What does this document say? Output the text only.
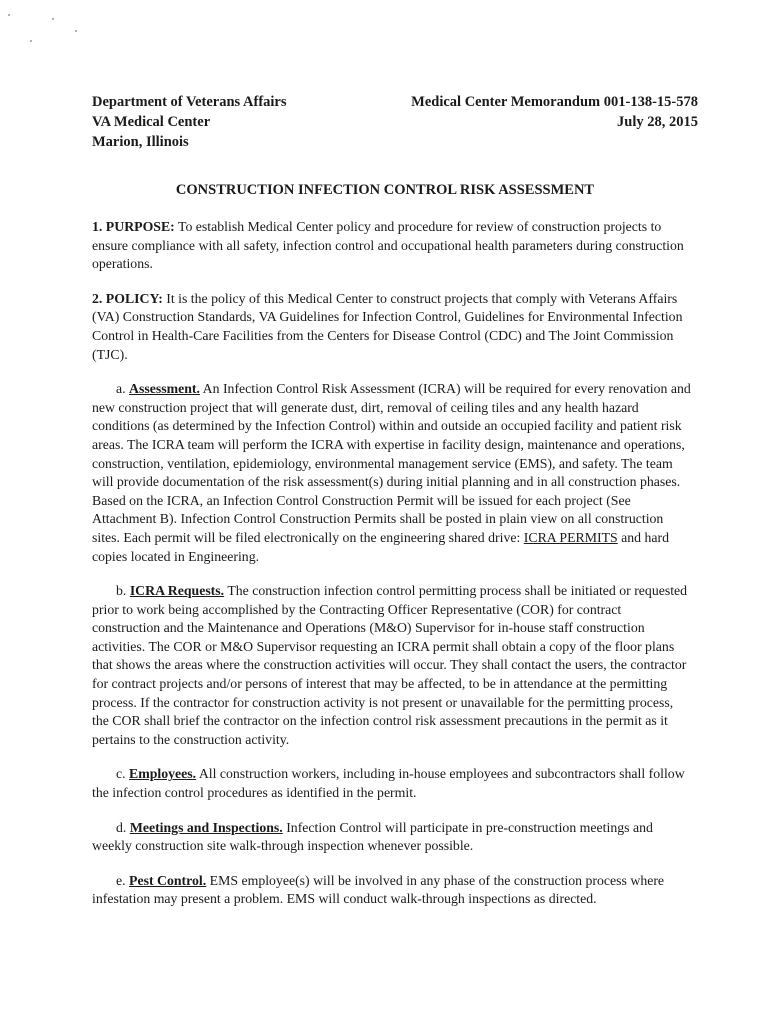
Department of Veterans Affairs
VA Medical Center
Marion, Illinois
Medical Center Memorandum 001-138-15-578
July 28, 2015
CONSTRUCTION INFECTION CONTROL RISK ASSESSMENT

1. PURPOSE: To establish Medical Center policy and procedure for review of construction projects to ensure compliance with all safety, infection control and occupational health parameters during construction operations.

2. POLICY: It is the policy of this Medical Center to construct projects that comply with Veterans Affairs (VA) Construction Standards, VA Guidelines for Infection Control, Guidelines for Environmental Infection Control in Health-Care Facilities from the Centers for Disease Control (CDC) and The Joint Commission (TJC).

a. Assessment. An Infection Control Risk Assessment (ICRA) will be required for every renovation and new construction project that will generate dust, dirt, removal of ceiling tiles and any health hazard conditions (as determined by the Infection Control) within and outside an occupied facility and patient risk areas. The ICRA team will perform the ICRA with expertise in facility design, maintenance and operations, construction, ventilation, epidemiology, environmental management service (EMS), and safety. The team will provide documentation of the risk assessment(s) during initial planning and in all construction phases. Based on the ICRA, an Infection Control Construction Permit will be issued for each project (See Attachment B). Infection Control Construction Permits shall be posted in plain view on all construction sites. Each permit will be filed electronically on the engineering shared drive: ICRA PERMITS and hard copies located in Engineering.

b. ICRA Requests. The construction infection control permitting process shall be initiated or requested prior to work being accomplished by the Contracting Officer Representative (COR) for contract construction and the Maintenance and Operations (M&O) Supervisor for in-house staff construction activities. The COR or M&O Supervisor requesting an ICRA permit shall obtain a copy of the floor plans that shows the areas where the construction activities will occur. They shall contact the users, the contractor for contract projects and/or persons of interest that may be affected, to be in attendance at the permitting process. If the contractor for construction activity is not present or unavailable for the permitting process, the COR shall brief the contractor on the infection control risk assessment precautions in the permit as it pertains to the construction activity.

c. Employees. All construction workers, including in-house employees and subcontractors shall follow the infection control procedures as identified in the permit.

d. Meetings and Inspections. Infection Control will participate in pre-construction meetings and weekly construction site walk-through inspection whenever possible.

e. Pest Control. EMS employee(s) will be involved in any phase of the construction process where infestation may present a problem. EMS will conduct walk-through inspections as directed.
